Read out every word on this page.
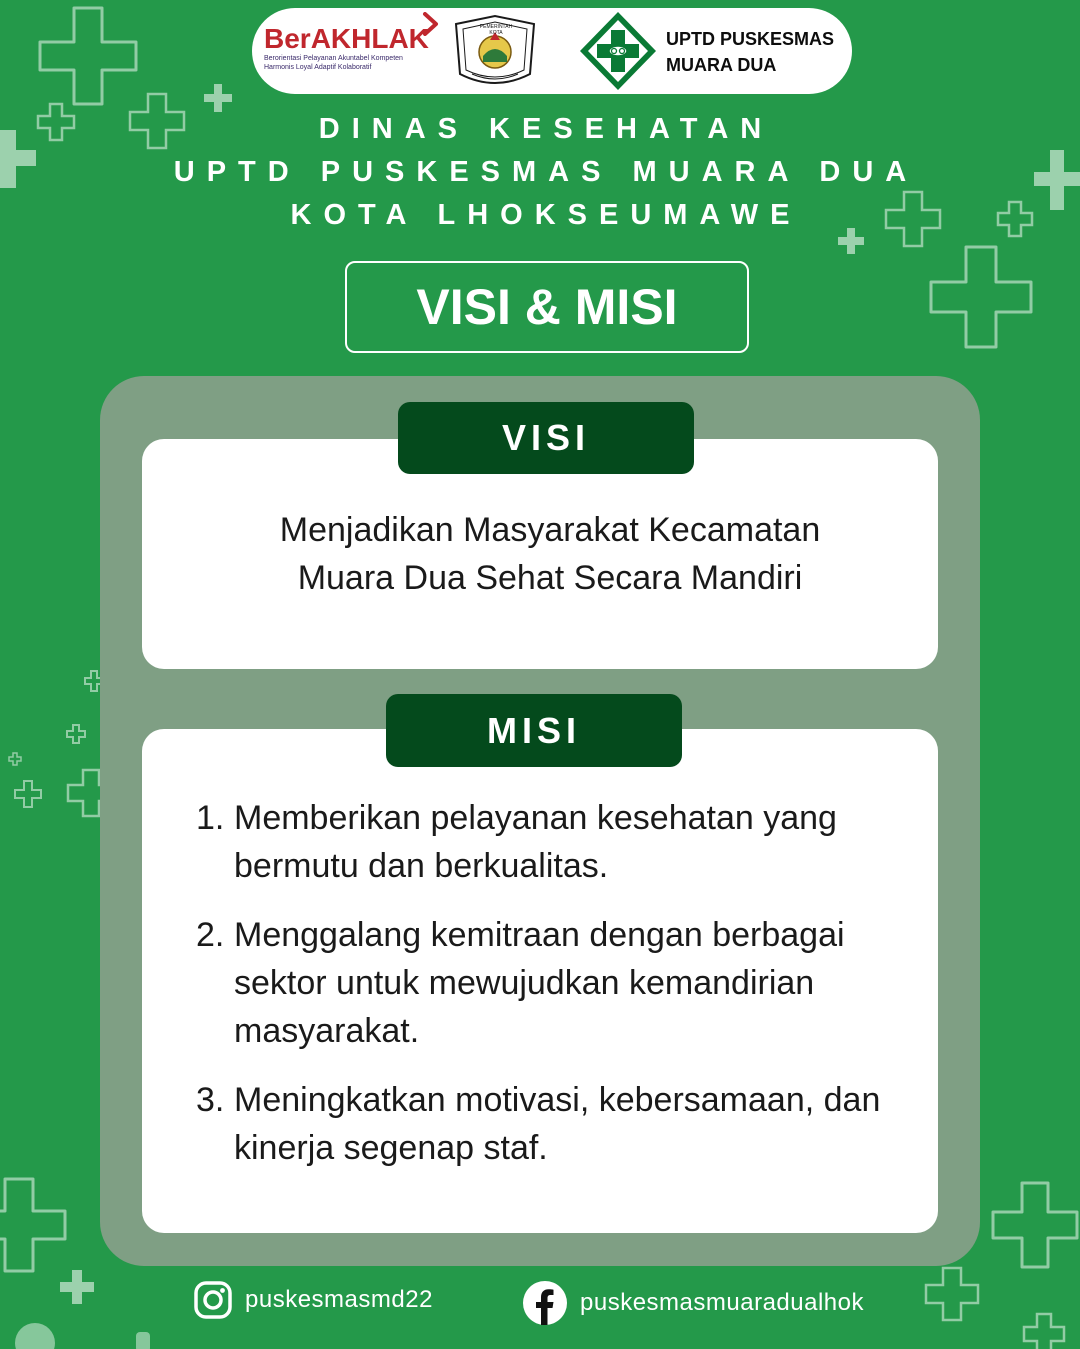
BerAKHLAK
Berorientasi Pelayanan Akuntabel Kompeten
Harmonis Loyal Adaptif Kolaboratif
PEMERINTAH KOTA	UPTD PUSKESMAS
MUARA DUA
DINAS KESEHATAN
UPTD PUSKESMAS MUARA DUA
KOTA LHOKSEUMAWE
VISI & MISI
VISI
Menjadikan Masyarakat Kecamatan
Muara Dua Sehat Secara Mandiri
MISI
1. Memberikan pelayanan kesehatan yang bermutu dan berkualitas.
2. Menggalang kemitraan dengan berbagai sektor untuk mewujudkan kemandirian masyarakat.
3. Meningkatkan motivasi, kebersamaan, dan kinerja segenap staf.
puskesmasmd22	puskesmasmuaradualhok
